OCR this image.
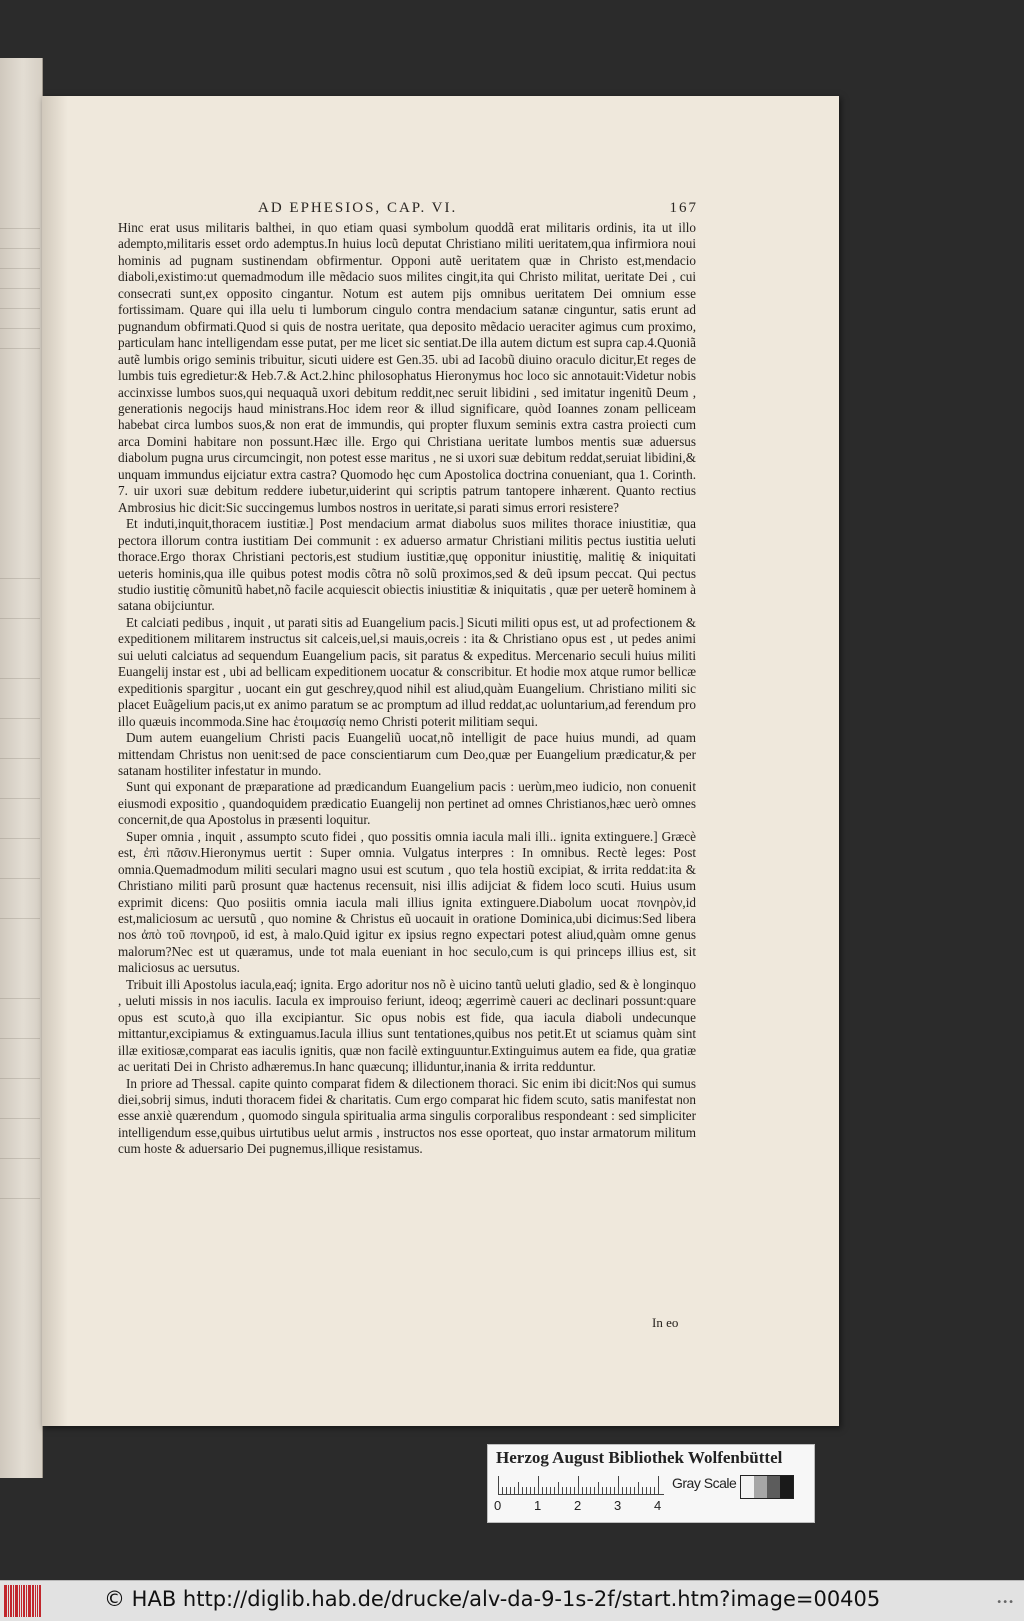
AD EPHESIOS, CAP. VI.	167

Hinc erat usus militaris balthei, in quo etiam quasi symbolum quoddã erat militaris ordinis, ita ut illo adempto,militaris esset ordo ademptus.In huius locũ deputat Christiano militi ueritatem,qua infirmiora noui hominis ad pugnam sustinendam obfirmentur. Opponi autẽ ueritatem quæ in Christo est,mendacio diaboli,existimo:ut quemadmodum ille mẽdacio suos milites cingit,ita qui Christo militat, ueritate Dei , cui consecrati sunt,ex opposito cingantur. Notum est autem pijs omnibus ueritatem Dei omnium esse fortissimam. Quare qui illa uelu ti lumborum cingulo contra mendacium satanæ cinguntur, satis erunt ad pugnandum obfirmati.Quod si quis de nostra ueritate, qua deposito mẽdacio ueraciter agimus cum proximo, particulam hanc intelligendam esse putat, per me licet sic sentiat.De illa autem dictum est supra cap.4.Quoniã autẽ lumbis origo seminis tribuitur, sicuti uidere est Gen.35. ubi ad Iacobũ diuino oraculo dicitur,Et reges de lumbis tuis egredietur:& Heb.7.& Act.2.hinc philosophatus Hieronymus hoc loco sic annotauit:Videtur nobis accinxisse lumbos suos,qui nequaquã uxori debitum reddit,nec seruit libidini , sed imitatur ingenitũ Deum , generationis negocijs haud ministrans.Hoc idem reor & illud significare, quòd Ioannes zonam pelliceam habebat circa lumbos suos,& non erat de immundis, qui propter fluxum seminis extra castra proiecti cum arca Domini habitare non possunt.Hæc ille. Ergo qui Christiana ueritate lumbos mentis suæ aduersus diabolum pugna urus circumcingit, non potest esse maritus , ne si uxori suæ debitum reddat,seruiat libidini,& unquam immundus eijciatur extra castra? Quomodo hęc cum Apostolica doctrina conueniant, qua 1. Corinth. 7. uir uxori suæ debitum reddere iubetur,uiderint qui scriptis patrum tantopere inhærent. Quanto rectius Ambrosius hic dicit:Sic succingemus lumbos nostros in ueritate,si parati simus errori resistere?

Et induti,inquit,thoracem iustitiæ.] Post mendacium armat diabolus suos milites thorace iniustitiæ, qua pectora illorum contra iustitiam Dei communit : ex aduerso armatur Christiani militis pectus iustitia ueluti thorace.Ergo thorax Christiani pectoris,est studium iustitiæ,quę opponitur iniustitię, malitię & iniquitati ueteris hominis,qua ille quibus potest modis cõtra nõ solũ proximos,sed & deũ ipsum peccat. Qui pectus studio iustitię cõmunitũ habet,nõ facile acquiescit obiectis iniustitiæ & iniquitatis , quæ per ueterẽ hominem à satana obijciuntur.

Et calciati pedibus , inquit , ut parati sitis ad Euangelium pacis.] Sicuti militi opus est, ut ad profectionem & expeditionem militarem instructus sit calceis,uel,si mauis,ocreis : ita & Christiano opus est , ut pedes animi sui ueluti calciatus ad sequendum Euangelium pacis, sit paratus & expeditus. Mercenario seculi huius militi Euangelij instar est , ubi ad bellicam expeditionem uocatur & conscribitur. Et hodie mox atque rumor bellicæ expeditionis spargitur , uocant ein gut geschrey,quod nihil est aliud,quàm Euangelium. Christiano militi sic placet Euãgelium pacis,ut ex animo paratum se ac promptum ad illud reddat,ac uoluntarium,ad ferendum pro illo quæuis incommoda.Sine hac ἑτοιμασίᾳ nemo Christi poterit militiam sequi.

Dum autem euangelium Christi pacis Euangeliũ uocat,nõ intelligit de pace huius mundi, ad quam mittendam Christus non uenit:sed de pace conscientiarum cum Deo,quæ per Euangelium prædicatur,& per satanam hostiliter infestatur in mundo.

Sunt qui exponant de præparatione ad prædicandum Euangelium pacis : uerùm,meo iudicio, non conuenit eiusmodi expositio , quandoquidem prædicatio Euangelij non pertinet ad omnes Christianos,hæc uerò omnes concernit,de qua Apostolus in præsenti loquitur.

Super omnia , inquit , assumpto scuto fidei , quo possitis omnia iacula mali illi.. ignita extinguere.] Græcè est, ἐπὶ πᾶσιν.Hieronymus uertit : Super omnia. Vulgatus interpres : In omnibus. Rectè leges: Post omnia.Quemadmodum militi seculari magno usui est scutum , quo tela hostiũ excipiat, & irrita reddat:ita & Christiano militi parũ prosunt quæ hactenus recensuit, nisi illis adijciat & fidem loco scuti. Huius usum exprimit dicens: Quo posiitis omnia iacula mali illius ignita extinguere.Diabolum uocat πονηρὸν,id est,maliciosum ac uersutũ , quo nomine & Christus eũ uocauit in oratione Dominica,ubi dicimus:Sed libera nos ἀπὸ τοῦ πονηροῦ, id est, à malo.Quid igitur ex ipsius regno expectari potest aliud,quàm omne genus malorum?Nec est ut quæramus, unde tot mala eueniant in hoc seculo,cum is qui princeps illius est, sit maliciosus ac uersutus.

Tribuit illi Apostolus iacula,eaq́; ignita. Ergo adoritur nos nõ è uicino tantũ ueluti gladio, sed & è longinquo , ueluti missis in nos iaculis. Iacula ex improuiso feriunt, ideoq; ægerrimè caueri ac declinari possunt:quare opus est scuto,à quo illa excipiantur. Sic opus nobis est fide, qua iacula diaboli undecunque mittantur,excipiamus & extinguamus.Iacula illius sunt tentationes,quibus nos petit.Et ut sciamus quàm sint illæ exitiosæ,comparat eas iaculis ignitis, quæ non facilè extinguuntur.Extinguimus autem ea fide, qua gratiæ ac ueritati Dei in Christo adhæremus.In hanc quæcunq; illiduntur,inania & irrita redduntur.

In priore ad Thessal. capite quinto comparat fidem & dilectionem thoraci. Sic enim ibi dicit:Nos qui sumus diei,sobrij simus, induti thoracem fidei & charitatis. Cum ergo comparat hic fidem scuto, satis manifestat non esse anxiè quærendum , quomodo singula spiritualia arma singulis corporalibus respondeant : sed simpliciter intelligendum esse,quibus uirtutibus uelut armis , instructos nos esse oporteat, quo instar armatorum militum cum hoste & aduersario Dei pugnemus,illique resistamus.

In eo
Herzog August Bibliothek Wolfenbüttel
0	1	2	3	4
Gray Scale
© HAB http://diglib.hab.de/drucke/alv-da-9-1s-2f/start.htm?image=00405	•••
